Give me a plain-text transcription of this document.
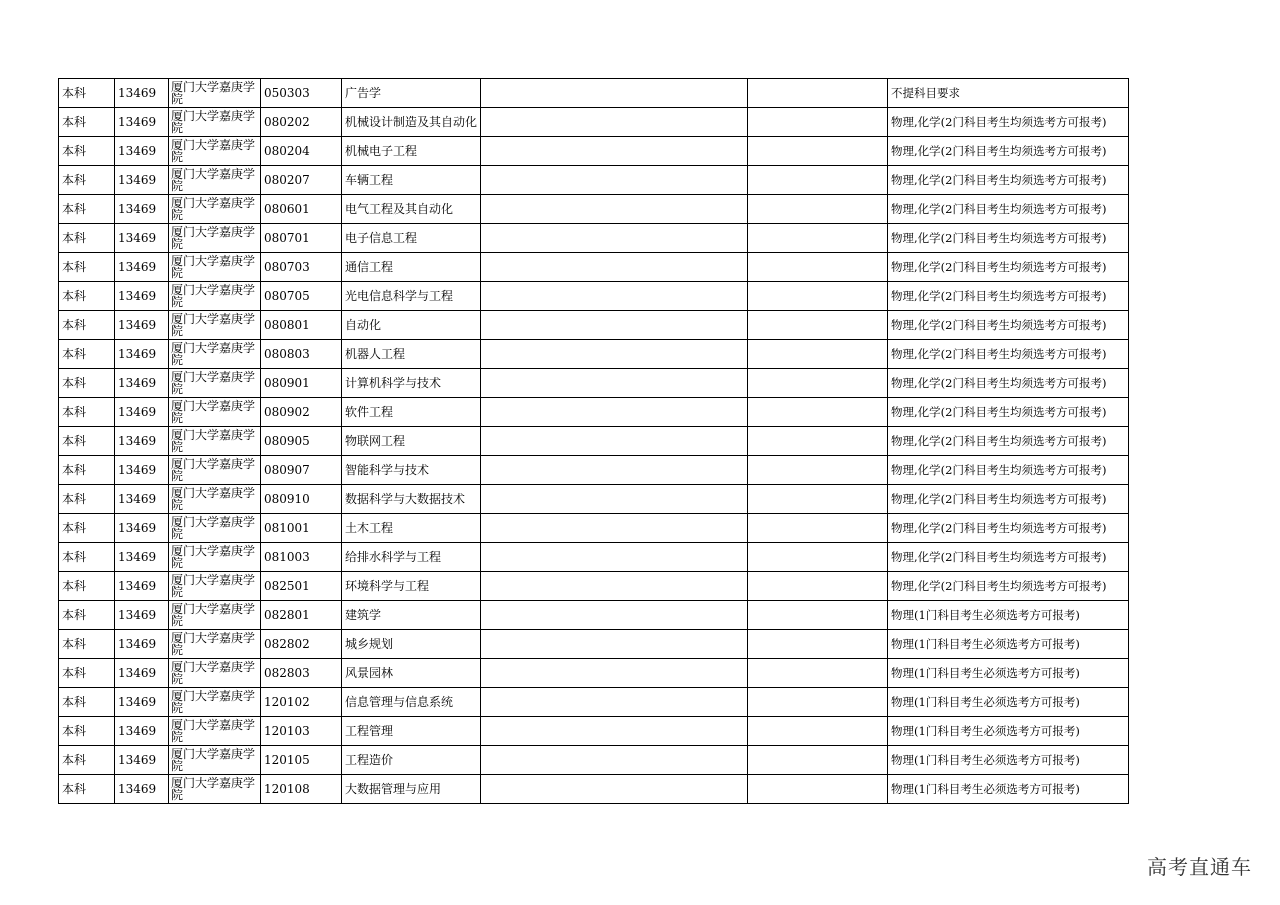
本科	13469	厦门大学嘉庚学院	050303	广告学			不提科目要求
本科	13469	厦门大学嘉庚学院	080202	机械设计制造及其自动化			物理,化学(2门科目考生均须选考方可报考)
本科	13469	厦门大学嘉庚学院	080204	机械电子工程			物理,化学(2门科目考生均须选考方可报考)
本科	13469	厦门大学嘉庚学院	080207	车辆工程			物理,化学(2门科目考生均须选考方可报考)
本科	13469	厦门大学嘉庚学院	080601	电气工程及其自动化			物理,化学(2门科目考生均须选考方可报考)
本科	13469	厦门大学嘉庚学院	080701	电子信息工程			物理,化学(2门科目考生均须选考方可报考)
本科	13469	厦门大学嘉庚学院	080703	通信工程			物理,化学(2门科目考生均须选考方可报考)
本科	13469	厦门大学嘉庚学院	080705	光电信息科学与工程			物理,化学(2门科目考生均须选考方可报考)
本科	13469	厦门大学嘉庚学院	080801	自动化			物理,化学(2门科目考生均须选考方可报考)
本科	13469	厦门大学嘉庚学院	080803	机器人工程			物理,化学(2门科目考生均须选考方可报考)
本科	13469	厦门大学嘉庚学院	080901	计算机科学与技术			物理,化学(2门科目考生均须选考方可报考)
本科	13469	厦门大学嘉庚学院	080902	软件工程			物理,化学(2门科目考生均须选考方可报考)
本科	13469	厦门大学嘉庚学院	080905	物联网工程			物理,化学(2门科目考生均须选考方可报考)
本科	13469	厦门大学嘉庚学院	080907	智能科学与技术			物理,化学(2门科目考生均须选考方可报考)
本科	13469	厦门大学嘉庚学院	080910	数据科学与大数据技术			物理,化学(2门科目考生均须选考方可报考)
本科	13469	厦门大学嘉庚学院	081001	土木工程			物理,化学(2门科目考生均须选考方可报考)
本科	13469	厦门大学嘉庚学院	081003	给排水科学与工程			物理,化学(2门科目考生均须选考方可报考)
本科	13469	厦门大学嘉庚学院	082501	环境科学与工程			物理,化学(2门科目考生均须选考方可报考)
本科	13469	厦门大学嘉庚学院	082801	建筑学			物理(1门科目考生必须选考方可报考)
本科	13469	厦门大学嘉庚学院	082802	城乡规划			物理(1门科目考生必须选考方可报考)
本科	13469	厦门大学嘉庚学院	082803	风景园林			物理(1门科目考生必须选考方可报考)
本科	13469	厦门大学嘉庚学院	120102	信息管理与信息系统			物理(1门科目考生必须选考方可报考)
本科	13469	厦门大学嘉庚学院	120103	工程管理			物理(1门科目考生必须选考方可报考)
本科	13469	厦门大学嘉庚学院	120105	工程造价			物理(1门科目考生必须选考方可报考)
本科	13469	厦门大学嘉庚学院	120108	大数据管理与应用			物理(1门科目考生必须选考方可报考)
高考直通车
